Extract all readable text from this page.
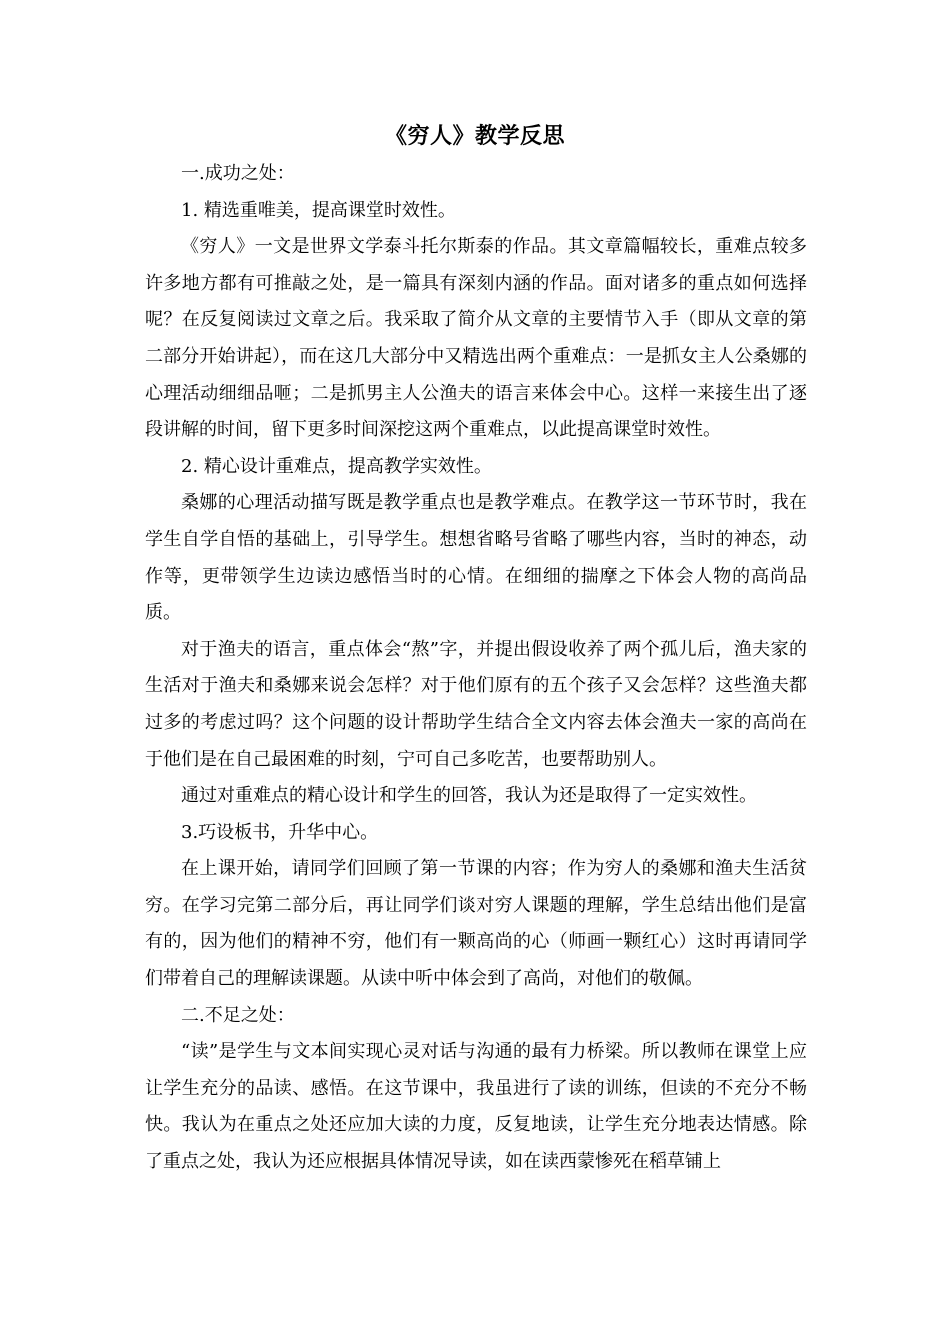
《穷人》教学反思

一.成功之处：

1. 精选重唯美，提高课堂时效性。

《穷人》一文是世界文学泰斗托尔斯泰的作品。其文章篇幅较长，重难点较多许多地方都有可推敲之处，是一篇具有深刻内涵的作品。面对诸多的重点如何选择呢？在反复阅读过文章之后。我采取了简介从文章的主要情节入手（即从文章的第二部分开始讲起），而在这几大部分中又精选出两个重难点：一是抓女主人公桑娜的心理活动细细品咂；二是抓男主人公渔夫的语言来体会中心。这样一来接生出了逐段讲解的时间，留下更多时间深挖这两个重难点，以此提高课堂时效性。

2. 精心设计重难点，提高教学实效性。

桑娜的心理活动描写既是教学重点也是教学难点。在教学这一节环节时，我在学生自学自悟的基础上，引导学生。想想省略号省略了哪些内容，当时的神态，动作等，更带领学生边读边感悟当时的心情。在细细的揣摩之下体会人物的高尚品质。

对于渔夫的语言，重点体会“熬”字，并提出假设收养了两个孤儿后，渔夫家的生活对于渔夫和桑娜来说会怎样？对于他们原有的五个孩子又会怎样？这些渔夫都过多的考虑过吗？这个问题的设计帮助学生结合全文内容去体会渔夫一家的高尚在于他们是在自己最困难的时刻，宁可自己多吃苦，也要帮助别人。

通过对重难点的精心设计和学生的回答，我认为还是取得了一定实效性。

3.巧设板书，升华中心。

在上课开始，请同学们回顾了第一节课的内容；作为穷人的桑娜和渔夫生活贫穷。在学习完第二部分后，再让同学们谈对穷人课题的理解，学生总结出他们是富有的，因为他们的精神不穷，他们有一颗高尚的心（师画一颗红心）这时再请同学们带着自己的理解读课题。从读中听中体会到了高尚，对他们的敬佩。

二.不足之处：

“读”是学生与文本间实现心灵对话与沟通的最有力桥梁。所以教师在课堂上应让学生充分的品读、感悟。在这节课中，我虽进行了读的训练，但读的不充分不畅快。我认为在重点之处还应加大读的力度，反复地读，让学生充分地表达情感。除了重点之处，我认为还应根据具体情况导读，如在读西蒙惨死在稻草铺上
